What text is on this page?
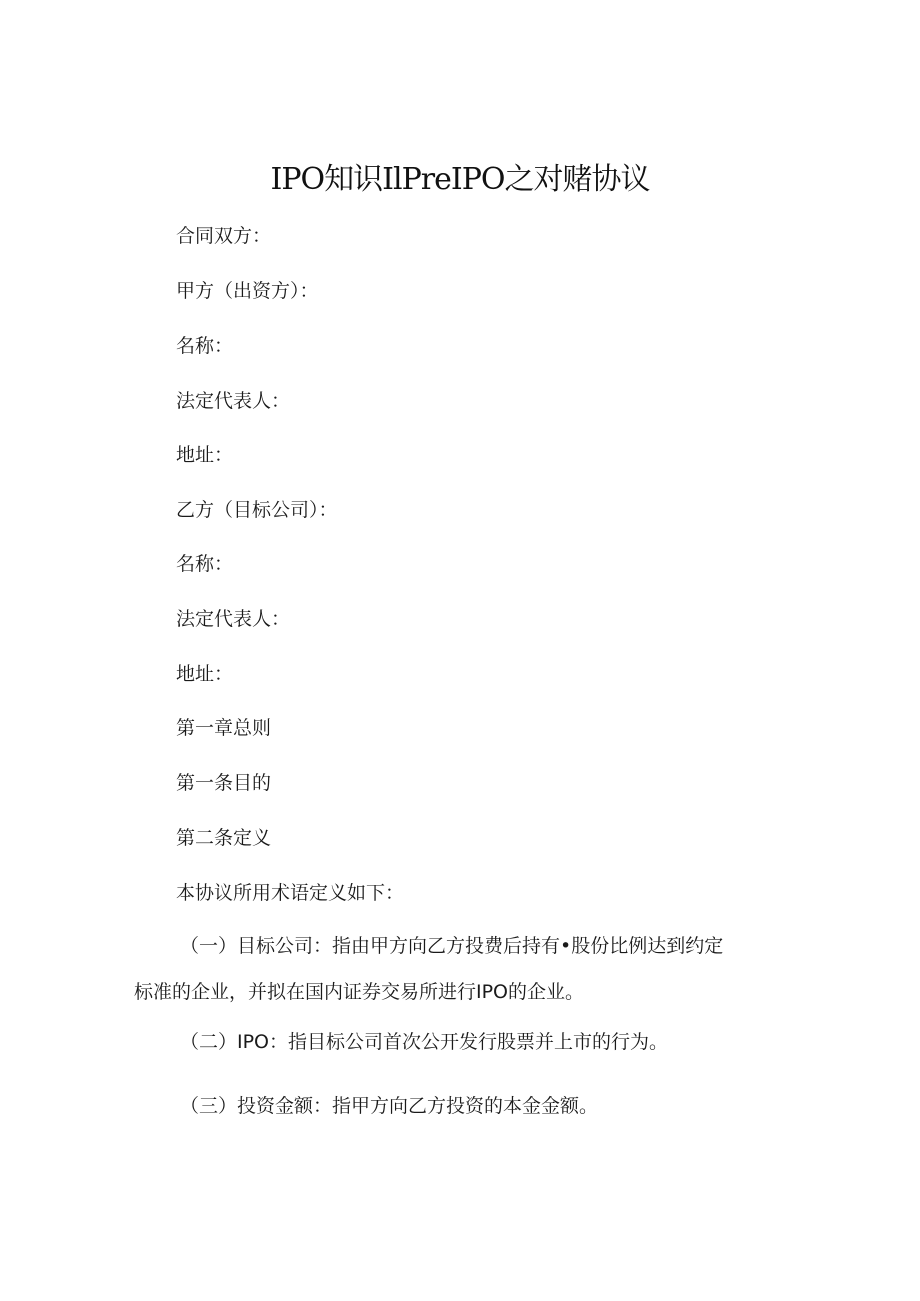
IPO知识IlPreIPO之对赌协议
合同双方：
甲方（出资方）：
名称：
法定代表人：
地址：
乙方（目标公司）：
名称：
法定代表人：
地址：
第一章总则
第一条目的
第二条定义
本协议所用术语定义如下：
（一）目标公司：指由甲方向乙方投费后持有•股份比例达到约定
标准的企业，并拟在国内证券交易所进行IPO的企业。
（二）IPO：指目标公司首次公开发行股票并上市的行为。
（三）投资金额：指甲方向乙方投资的本金金额。
